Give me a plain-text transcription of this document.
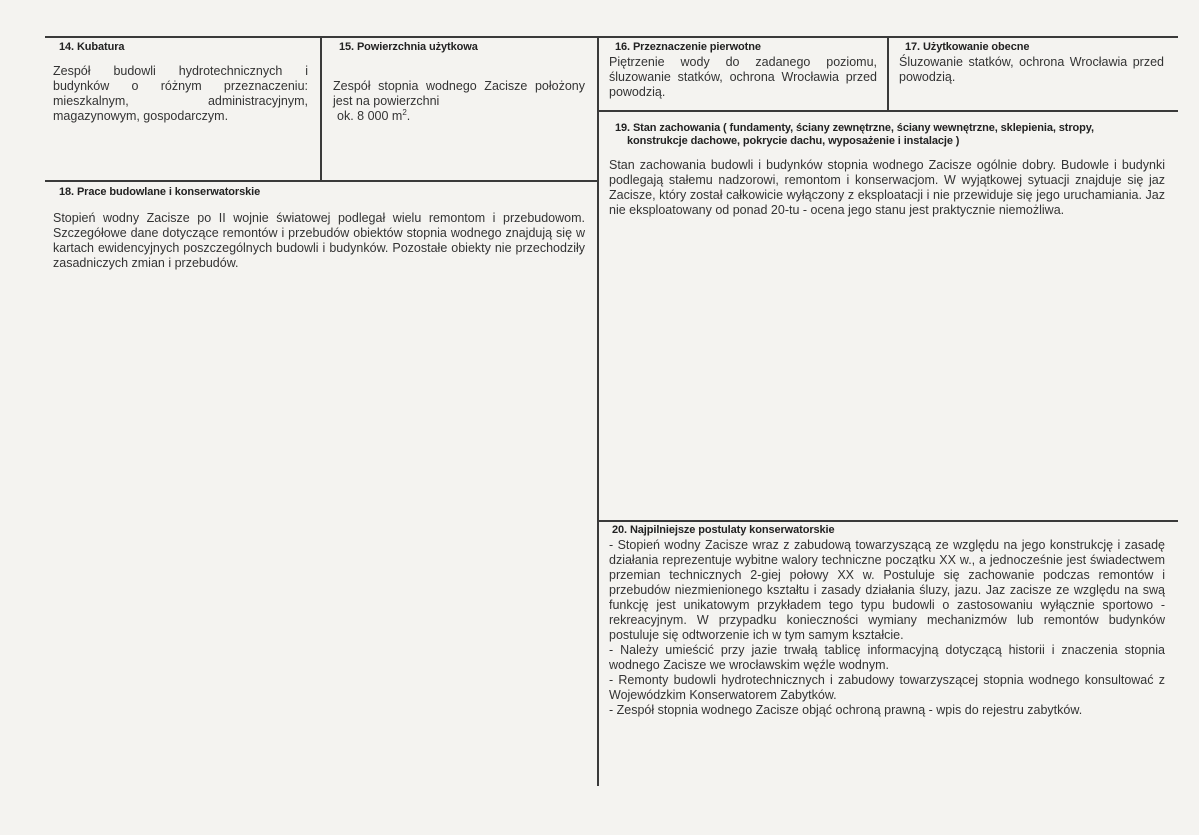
14. Kubatura
Zespół budowli hydrotechnicznych i budynków o różnym przeznaczeniu: mieszkalnym, administracyjnym, magazynowym, gospodarczym.
15. Powierzchnia użytkowa

Zespół stopnia wodnego Zacisze położony jest na powierzchni

ok. 8 000 $m^2$.

16. Przeznaczenie pierwotne
Piętrzenie wody do zadanego poziomu, śluzowanie statków, ochrona Wrocławia przed powodzią.
17. Użytkowanie obecne
Śluzowanie statków, ochrona Wrocławia przed powodzią.
19. Stan zachowania ( fundamenty, ściany zewnętrzne, ściany wewnętrzne, sklepienia, stropy,
konstrukcje dachowe, pokrycie dachu, wyposażenie i instalacje )
Stan zachowania budowli i budynków stopnia wodnego Zacisze ogólnie dobry. Budowle i budynki podlegają stałemu nadzorowi, remontom i konserwacjom. W wyjątkowej sytuacji znajduje się jaz Zacisze, który został całkowicie wyłączony z eksploatacji i nie przewiduje się jego uruchamiania. Jaz nie eksploatowany od ponad 20-tu - ocena jego stanu jest praktycznie niemożliwa.
18. Prace budowlane i konserwatorskie
Stopień wodny Zacisze po II wojnie światowej podlegał wielu remontom i przebudowom. Szczegółowe dane dotyczące remontów i przebudów obiektów stopnia wodnego znajdują się w kartach ewidencyjnych poszczególnych budowli i budynków. Pozostałe obiekty nie przechodziły zasadniczych zmian i przebudów.
20. Najpilniejsze postulaty konserwatorskie
- Stopień wodny Zacisze wraz z zabudową towarzyszącą ze względu na jego konstrukcję i zasadę działania reprezentuje wybitne walory techniczne początku XX w., a jednocześnie jest świadectwem przemian technicznych 2-giej połowy XX w. Postuluje się zachowanie podczas remontów i przebudów niezmienionego kształtu i zasady działania śluzy, jazu. Jaz zacisze ze względu na swą funkcję jest unikatowym przykładem tego typu budowli o zastosowaniu wyłącznie sportowo - rekreacyjnym. W przypadku konieczności wymiany mechanizmów lub remontów budynków postuluje się odtworzenie ich w tym samym kształcie.
- Należy umieścić przy jazie trwałą tablicę informacyjną dotyczącą historii i znaczenia stopnia wodnego Zacisze we wrocławskim węźle wodnym.
- Remonty budowli hydrotechnicznych i zabudowy towarzyszącej stopnia wodnego konsultować z Wojewódzkim Konserwatorem Zabytków.
- Zespół stopnia wodnego Zacisze objąć ochroną prawną - wpis do rejestru zabytków.
